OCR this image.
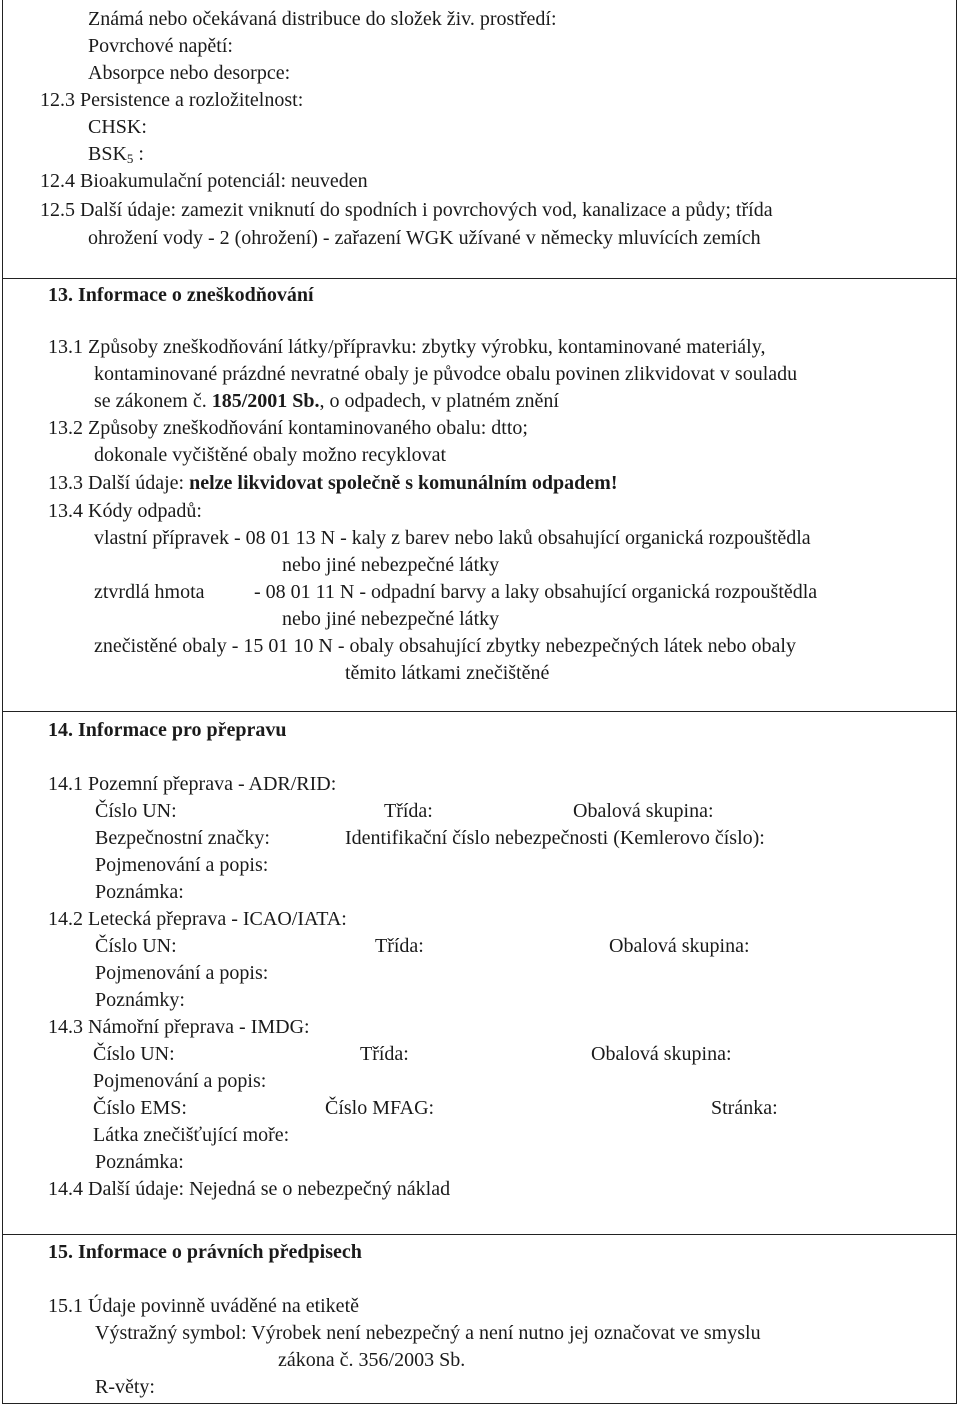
Známá nebo očekávaná distribuce do složek živ. prostředí:
Povrchové napětí:
Absorpce nebo desorpce:
12.3 Persistence a rozložitelnost:
CHSK:
$BSK_5$ :
12.4 Bioakumulační potenciál: neuveden
12.5 Další údaje: zamezit vniknutí do spodních i povrchových vod, kanalizace a půdy; třída
ohrožení vody - 2 (ohrožení) - zařazení WGK užívané v německy mluvících zemích
13. Informace o zneškodňování
13.1 Způsoby zneškodňování látky/přípravku: zbytky výrobku, kontaminované materiály,
kontaminované prázdné nevratné obaly je původce obalu povinen zlikvidovat v souladu
se zákonem č. 185/2001 Sb., o odpadech, v platném znění
13.2 Způsoby zneškodňování kontaminovaného obalu: dtto;
dokonale vyčištěné obaly možno recyklovat
13.3 Další údaje: nelze likvidovat společně s komunálním odpadem!
13.4 Kódy odpadů:
vlastní přípravek - 08 01 13 N - kaly z barev nebo laků obsahující organická rozpouštědla
nebo jiné nebezpečné látky
ztvrdlá hmota - 08 01 11 N - odpadní barvy a laky obsahující organická rozpouštědla
nebo jiné nebezpečné látky
znečistěné obaly - 15 01 10 N - obaly obsahující zbytky nebezpečných látek nebo obaly
těmito látkami znečištěné
14. Informace pro přepravu
14.1 Pozemní přeprava - ADR/RID:
Číslo UN:	Třída:	Obalová skupina:
Bezpečnostní značky:	Identifikační číslo nebezpečnosti (Kemlerovo číslo):
Pojmenování a popis:
Poznámka:
14.2 Letecká přeprava - ICAO/IATA:
Číslo UN:	Třída:	Obalová skupina:
Pojmenování a popis:
Poznámky:
14.3 Námořní přeprava - IMDG:
Číslo UN:	Třída:	Obalová skupina:
Pojmenování a popis:
Číslo EMS:	Číslo MFAG:	Stránka:
Látka znečišťující moře:
Poznámka:
14.4 Další údaje: Nejedná se o nebezpečný náklad
15. Informace o právních předpisech
15.1 Údaje povinně uváděné na etiketě
Výstražný symbol: Výrobek není nebezpečný a není nutno jej označovat ve smyslu
zákona č. 356/2003 Sb.
R-věty:
